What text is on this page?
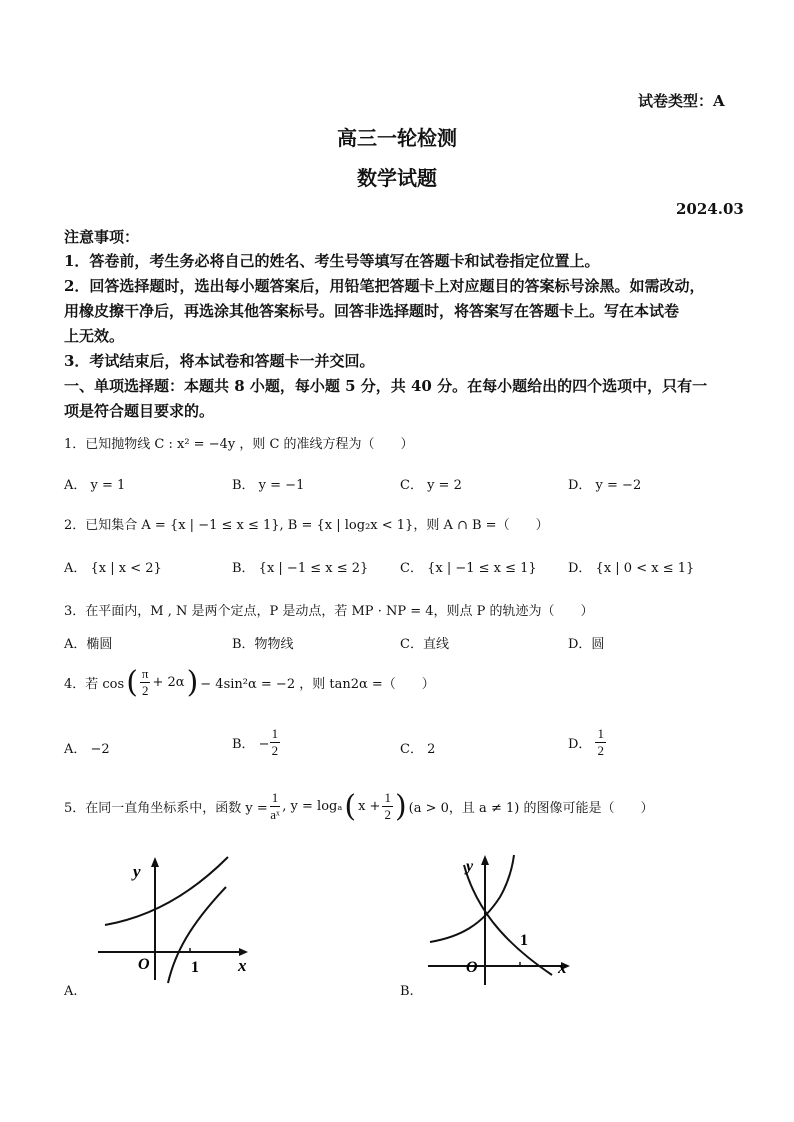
试卷类型：A
高三一轮检测
数学试题
2024.03
注意事项：
1．答卷前，考生务必将自己的姓名、考生号等填写在答题卡和试卷指定位置上。
2．回答选择题时，选出每小题答案后，用铅笔把答题卡上对应题目的答案标号涂黑。如需改动，
用橡皮擦干净后，再选涂其他答案标号。回答非选择题时，将答案写在答题卡上。写在本试卷
上无效。
3．考试结束后，将本试卷和答题卡一并交回。
一、单项选择题：本题共 8 小题，每小题 5 分，共 40 分。在每小题给出的四个选项中，只有一
项是符合题目要求的。
1．已知抛物线 C : x² = −4y ，则 C 的准线方程为（　　）
A． y = 1	B． y = −1	C． y = 2	D． y = −2
2．已知集合 A = {x | −1 ≤ x ≤ 1}, B = {x | log₂x < 1}，则 A ∩ B =（　　）
A． {x | x < 2}	B． {x | −1 ≤ x ≤ 2} C． {x | −1 ≤ x ≤ 1} D． {x | 0 < x ≤ 1}
3．在平面内，M , N 是两个定点，P 是动点，若 MP · NP = 4，则点 P 的轨迹为（　　）
A．椭圆	B．物物线	C．直线	D．圆
4．若 cos ( $\frac{\pi}{2} + 2\alpha$ ) − 4sin²α = −2 ，则 tan2α =（　　）
A． −2	B． − $\frac{1}{2}$	C． 2	D． $\frac{1}{2}$
5．在同一直角坐标系中，函数 $y = \frac{1}{\text{aˣ}}$ , y = logₐ ( $x + \frac{1}{2}$ ) (a > 0，且 a ≠ 1) 的图像可能是（　　）
y
x
O	1
A.
y
x
O
1
B.
